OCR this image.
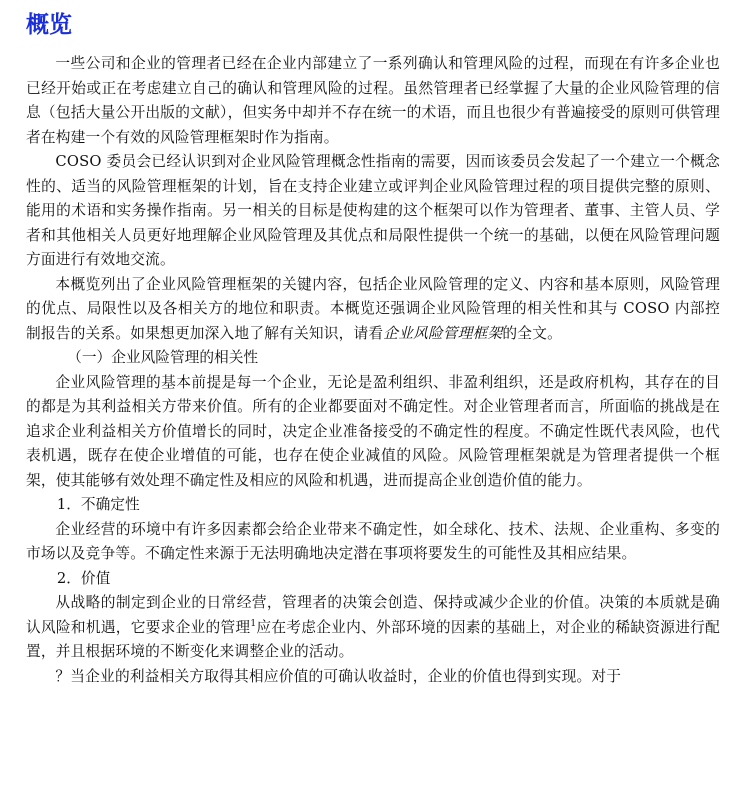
概览

一些公司和企业的管理者已经在企业内部建立了一系列确认和管理风险的过程，而现在有许多企业也已经开始或正在考虑建立自己的确认和管理风险的过程。虽然管理者已经掌握了大量的企业风险管理的信息（包括大量公开出版的文献），但实务中却并不存在统一的术语，而且也很少有普遍接受的原则可供管理者在构建一个有效的风险管理框架时作为指南。

COSO 委员会已经认识到对企业风险管理概念性指南的需要，因而该委员会发起了一个建立一个概念性的、适当的风险管理框架的计划，旨在支持企业建立或评判企业风险管理过程的项目提供完整的原则、能用的术语和实务操作指南。另一相关的目标是使构建的这个框架可以作为管理者、董事、主管人员、学者和其他相关人员更好地理解企业风险管理及其优点和局限性提供一个统一的基础，以便在风险管理问题方面进行有效地交流。

本概览列出了企业风险管理框架的关键内容，包括企业风险管理的定义、内容和基本原则，风险管理的优点、局限性以及各相关方的地位和职责。本概览还强调企业风险管理的相关性和其与 COSO 内部控制报告的关系。如果想更加深入地了解有关知识，请看企业风险管理框架的全文。

（一）企业风险管理的相关性

企业风险管理的基本前提是每一个企业，无论是盈利组织、非盈利组织，还是政府机构，其存在的目的都是为其利益相关方带来价值。所有的企业都要面对不确定性。对企业管理者而言，所面临的挑战是在追求企业利益相关方价值增长的同时，决定企业准备接受的不确定性的程度。不确定性既代表风险，也代表机遇，既存在使企业增值的可能，也存在使企业减值的风险。风险管理框架就是为管理者提供一个框架，使其能够有效处理不确定性及相应的风险和机遇，进而提高企业创造价值的能力。

1．不确定性

企业经营的环境中有许多因素都会给企业带来不确定性，如全球化、技术、法规、企业重构、多变的市场以及竞争等。不确定性来源于无法明确地决定潜在事项将要发生的可能性及其相应结果。

2．价值

从战略的制定到企业的日常经营，管理者的决策会创造、保持或减少企业的价值。决策的本质就是确认风险和机遇，它要求企业的管理$^1$应在考虑企业内、外部环境的因素的基础上，对企业的稀缺资源进行配置，并且根据环境的不断变化来调整企业的活动。

？当企业的利益相关方取得其相应价值的可确认收益时，企业的价值也得到实现。对于
